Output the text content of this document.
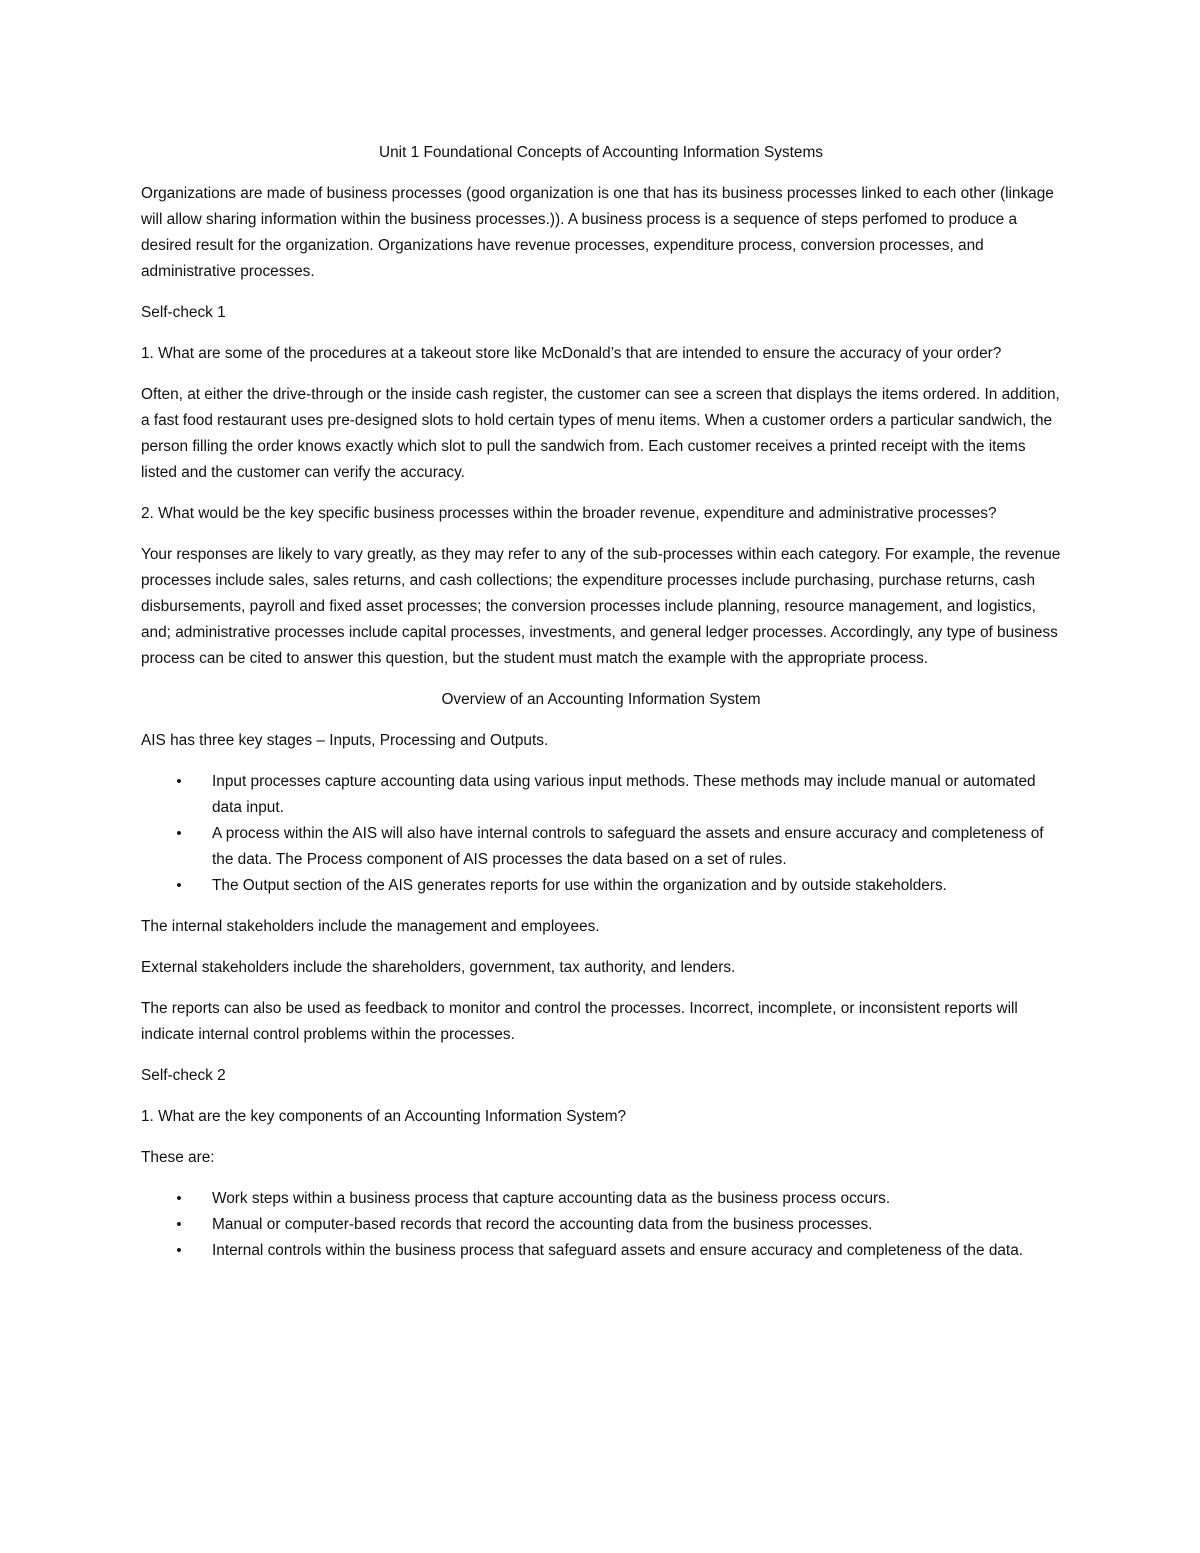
Unit 1 Foundational Concepts of Accounting Information Systems

Organizations are made of business processes (good organization is one that has its business processes linked to each other (linkage will allow sharing information within the business processes.)). A business process is a sequence of steps perfomed to produce a desired result for the organization. Organizations have revenue processes, expenditure process, conversion processes, and administrative processes.

Self-check 1

1. What are some of the procedures at a takeout store like McDonald’s that are intended to ensure the accuracy of your order?

Often, at either the drive-through or the inside cash register, the customer can see a screen that displays the items ordered. In addition, a fast food restaurant uses pre-designed slots to hold certain types of menu items. When a customer orders a particular sandwich, the person filling the order knows exactly which slot to pull the sandwich from. Each customer receives a printed receipt with the items listed and the customer can verify the accuracy.

2. What would be the key specific business processes within the broader revenue, expenditure and administrative processes?

Your responses are likely to vary greatly, as they may refer to any of the sub-processes within each category. For example, the revenue processes include sales, sales returns, and cash collections; the expenditure processes include purchasing, purchase returns, cash disbursements, payroll and fixed asset processes; the conversion processes include planning, resource management, and logistics, and; administrative processes include capital processes, investments, and general ledger processes. Accordingly, any type of business process can be cited to answer this question, but the student must match the example with the appropriate process.

Overview of an Accounting Information System

AIS has three key stages – Inputs, Processing and Outputs.

• Input processes capture accounting data using various input methods. These methods may include manual or automated data input.
• A process within the AIS will also have internal controls to safeguard the assets and ensure accuracy and completeness of the data. The Process component of AIS processes the data based on a set of rules.
• The Output section of the AIS generates reports for use within the organization and by outside stakeholders.

The internal stakeholders include the management and employees.

External stakeholders include the shareholders, government, tax authority, and lenders.

The reports can also be used as feedback to monitor and control the processes. Incorrect, incomplete, or inconsistent reports will indicate internal control problems within the processes.

Self-check 2

1. What are the key components of an Accounting Information System?

These are:

• Work steps within a business process that capture accounting data as the business process occurs.
• Manual or computer-based records that record the accounting data from the business processes.
• Internal controls within the business process that safeguard assets and ensure accuracy and completeness of the data.
